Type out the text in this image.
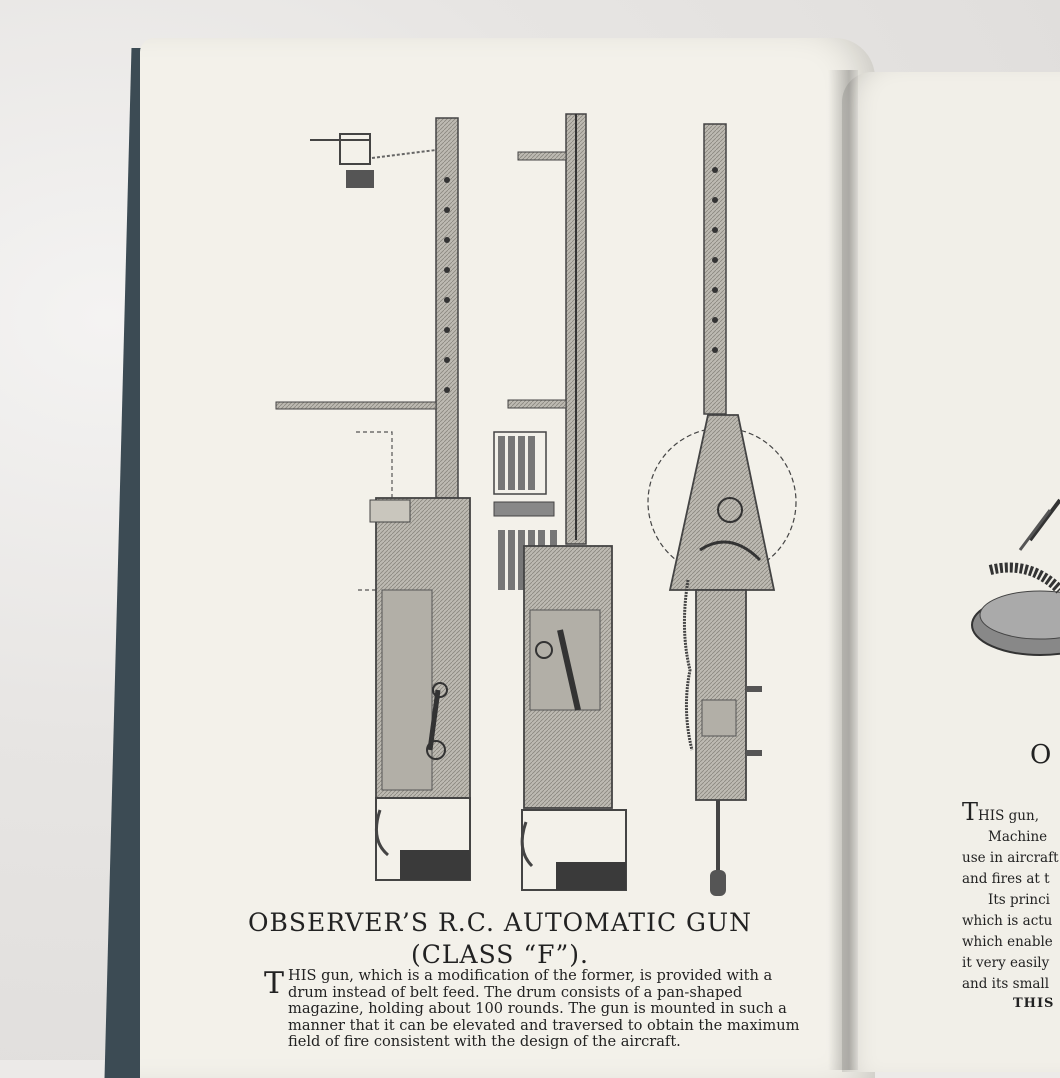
OBSERVER’S R.C. AUTOMATIC GUN
(CLASS “F”).

THIS gun, which is a modification of the former, is provided with a

drum instead of belt feed. The drum consists of a pan-shaped

magazine, holding about 100 rounds. The gun is mounted in such a

manner that it can be elevated and traversed to obtain the maximum

field of fire consistent with the design of the aircraft.

O
THIS gun,
Machine
use in aircraft
and fires at t
Its princi
which is actu
which enable
it very easily
and its small
THIS
